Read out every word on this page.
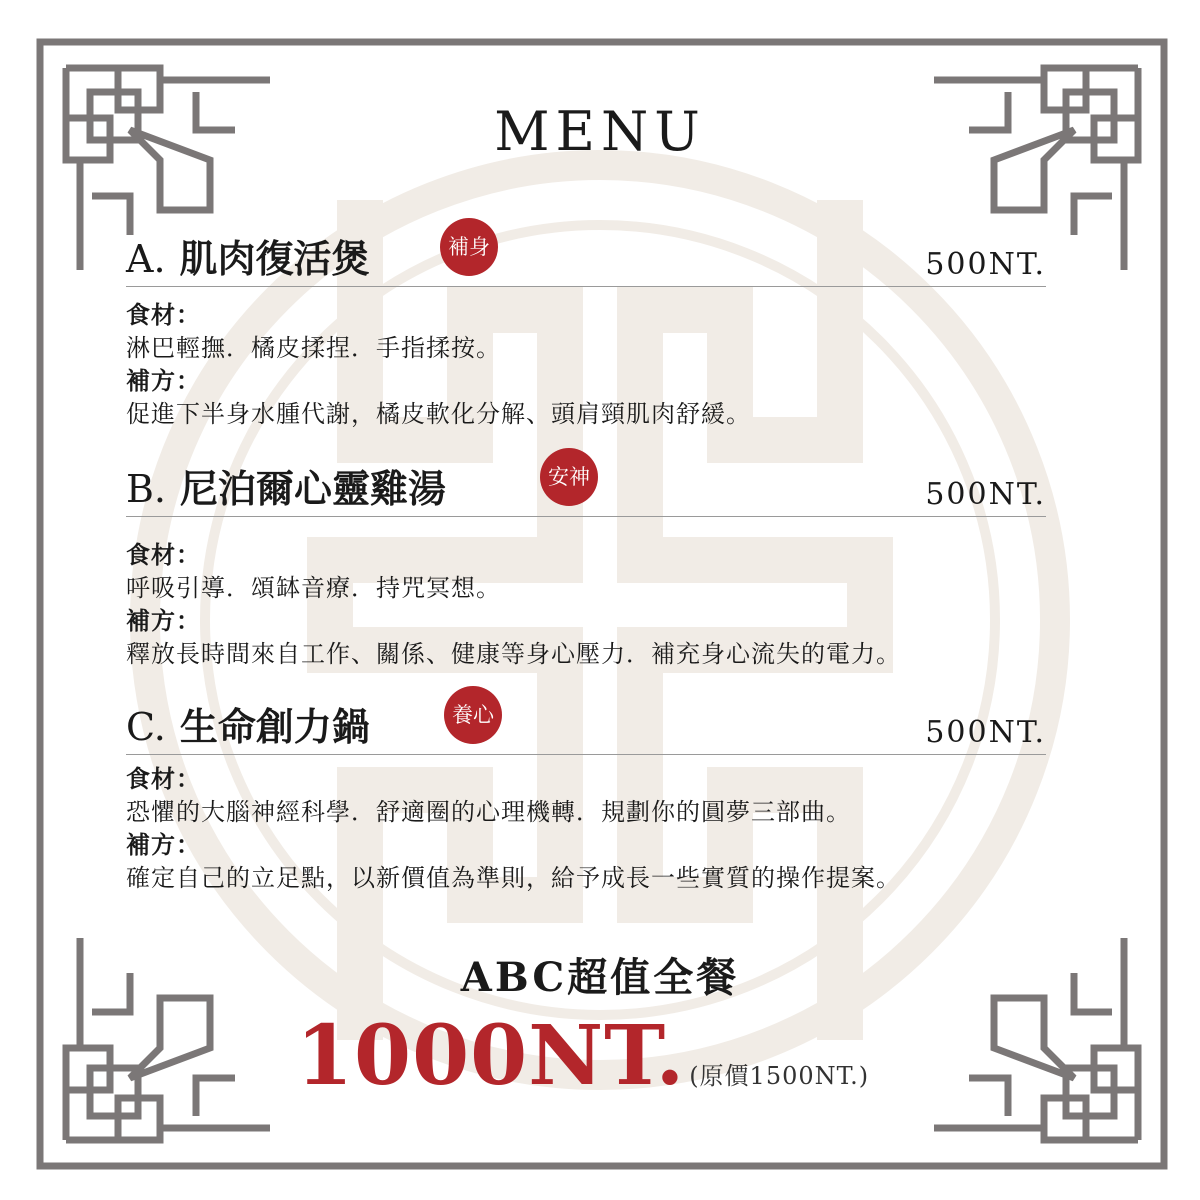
MENU
A. 肌肉復活煲	補身	500NT.
食材：
淋巴輕撫．橘皮揉捏．手指揉按。
補方：
促進下半身水腫代謝，橘皮軟化分解、頭肩頸肌肉舒緩。
B. 尼泊爾心靈雞湯	安神	500NT.
食材：
呼吸引導．頌缽音療．持咒冥想。
補方：
釋放長時間來自工作、關係、健康等身心壓力．補充身心流失的電力。
C. 生命創力鍋	養心	500NT.
食材：
恐懼的大腦神經科學．舒適圈的心理機轉．規劃你的圓夢三部曲。
補方：
確定自己的立足點，以新價值為準則，給予成長一些實質的操作提案。
ABC超值全餐
1000NT. (原價1500NT.)
